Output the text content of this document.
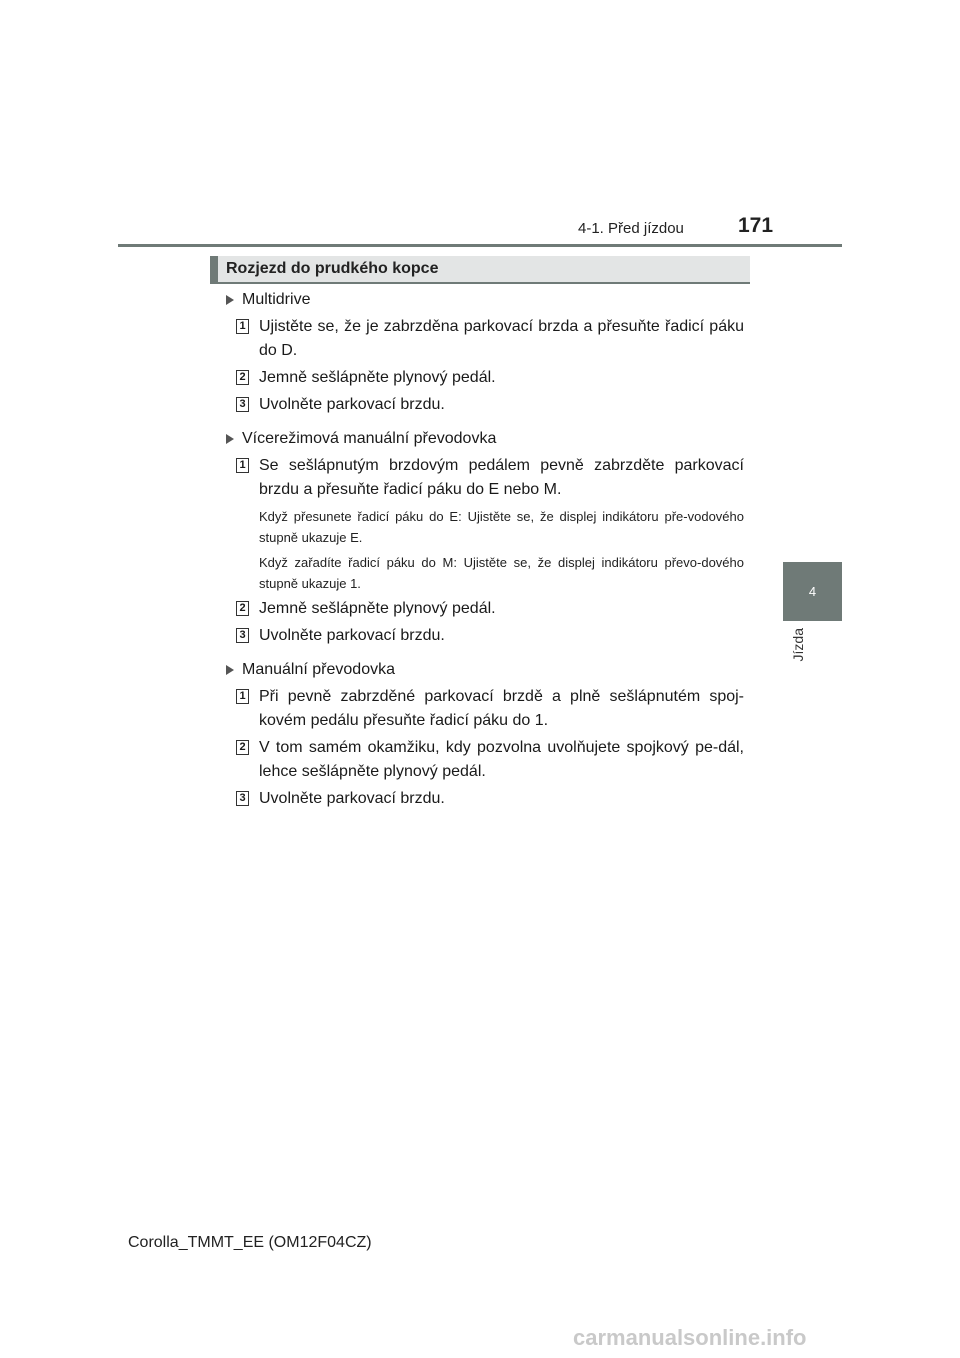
4-1. Před jízdou	171
4
Jízda
Rozjezd do prudkého kopce
Multidrive
1 Ujistěte se, že je zabrzděna parkovací brzda a přesuňte řadicí páku do D.
2 Jemně sešlápněte plynový pedál.
3 Uvolněte parkovací brzdu.
Vícerežimová manuální převodovka
1 Se sešlápnutým brzdovým pedálem pevně zabrzděte parkovací brzdu a přesuňte řadicí páku do E nebo M.
Když přesunete řadicí páku do E: Ujistěte se, že displej indikátoru pře-vodového stupně ukazuje E.
Když zařadíte řadicí páku do M: Ujistěte se, že displej indikátoru převo-dového stupně ukazuje 1.
2 Jemně sešlápněte plynový pedál.
3 Uvolněte parkovací brzdu.
Manuální převodovka
1 Při pevně zabrzděné parkovací brzdě a plně sešlápnutém spoj-kovém pedálu přesuňte řadicí páku do 1.
2 V tom samém okamžiku, kdy pozvolna uvolňujete spojkový pe-dál, lehce sešlápněte plynový pedál.
3 Uvolněte parkovací brzdu.
Corolla_TMMT_EE (OM12F04CZ)
carmanualsonline.info
